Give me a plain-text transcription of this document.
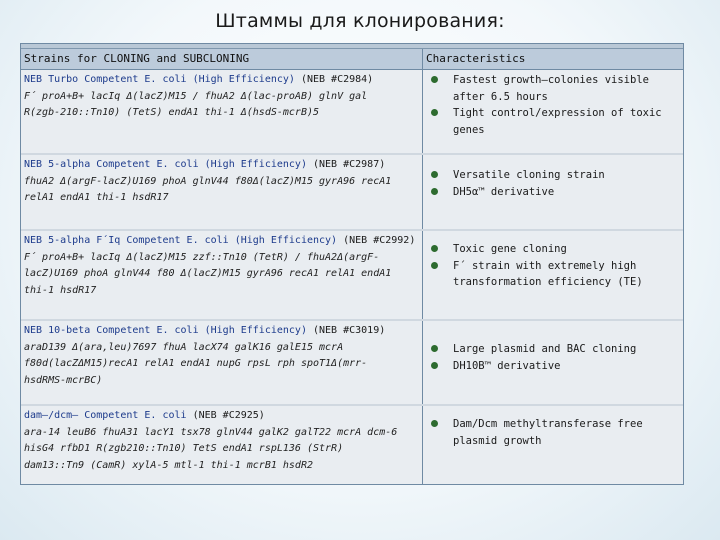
Штаммы для клонирования:
Strains for CLONING and SUBCLONING	Characteristics
NEB Turbo Competent E. coli (High Efficiency) (NEB #C2984)
F´ proA+B+ lacIq Δ(lacZ)M15 / fhuA2 Δ(lac-proAB) glnV gal
R(zgb-210::Tn10) (TetS) endA1 thi-1 Δ(hsdS-mcrB)5
Fastest growth—colonies visible after 6.5 hours
Tight control/expression of toxic genes
NEB 5-alpha Competent E. coli (High Efficiency) (NEB #C2987)
fhuA2 Δ(argF-lacZ)U169 phoA glnV44 f80Δ(lacZ)M15 gyrA96 recA1
relA1 endA1 thi-1 hsdR17
Versatile cloning strain
DH5α™ derivative
NEB 5-alpha F´Iq Competent E. coli (High Efficiency) (NEB #C2992)
F´ proA+B+ lacIq Δ(lacZ)M15 zzf::Tn10 (TetR) / fhuA2Δ(argF-
lacZ)U169 phoA glnV44 f80 Δ(lacZ)M15 gyrA96 recA1 relA1 endA1
thi-1 hsdR17
Toxic gene cloning
F´ strain with extremely high transformation efficiency (TE)
NEB 10-beta Competent E. coli (High Efficiency) (NEB #C3019)
araD139 Δ(ara,leu)7697 fhuA lacX74 galK16 galE15 mcrA
f80d(lacZΔM15)recA1 relA1 endA1 nupG rpsL rph spoT1Δ(mrr-
hsdRMS-mcrBC)
Large plasmid and BAC cloning
DH10B™ derivative
dam–/dcm– Competent E. coli (NEB #C2925)
ara-14 leuB6 fhuA31 lacY1 tsx78 glnV44 galK2 galT22 mcrA dcm-6
hisG4 rfbD1 R(zgb210::Tn10) TetS endA1 rspL136 (StrR)
dam13::Tn9 (CamR) xylA-5 mtl-1 thi-1 mcrB1 hsdR2
Dam/Dcm methyltransferase free plasmid growth
